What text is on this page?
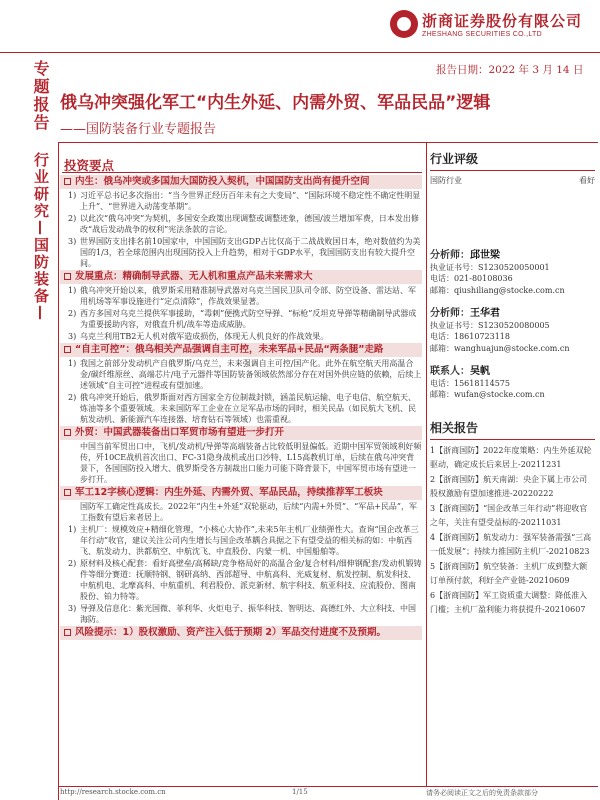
浙商证券股份有限公司
ZHESHANG SECURITIES CO.,LTD
专题报告
行业研究—国防装备—
报告日期：2022 年 3 月 14 日
俄乌冲突强化军工“内生外延、内需外贸、军品民品”逻辑
——国防装备行业专题报告
投资要点
内生：俄乌冲突或多国加大国防投入契机，中国国防支出尚有提升空间
1) 习近平总书记多次指出：“当今世界正经历百年未有之大变局”、“国际环境不稳定性不确定性明显上升”、“世界进入动荡变革期”。
2) 以此次“俄乌冲突”为契机，多国安全政策出现调整或调整迹象，德国/波兰增加军费，日本发出修改“战后发动战争的权利”宪法条款的言论。
3) 世界国防支出排名前10国家中，中国国防支出GDP占比仅高于二战战败国日本，绝对数值约为美国的1/3，若全球范围内出现国防投入上升趋势，相对于GDP水平，我国国防支出有较大提升空间。
发展重点：精确制导武器、无人机和重点产品未来需求大
1) 俄乌冲突开始以来，俄罗斯采用精准制导武器对乌克兰国民卫队司令部、防空设备、雷达站、军用机场等军事设施进行“定点清除”，作战效果显著。
2) 西方多国对乌克兰提供军事援助，“毒刺”便携式防空导弹、“标枪”反坦克导弹等精确制导武器成为重要援助内容，对俄直升机/战车等造成威胁。
3) 乌克兰利用TB2无人机对俄军造成损伤，体现无人机良好的作战效果。
“自主可控”：俄乌相关产品强调自主可控，未来军品+民品“两条腿”走路
1) 我国之前部分发动机产自俄罗斯/乌克兰，未来强调自主可控/国产化。此外在航空航天用高温合金/碳纤维原丝、高端芯片/电子元器件等国防装备领域依然部分存在对国外供应链的依赖，后续上述领域“自主可控”进程或有望加速。
2) 俄乌冲突开始后，俄罗斯面对西方国家全方位制裁封锁，涵盖民航运输、电子电信、航空航天、炼油等多个重要领域。未来国防军工企业在立足军品市场的同时，相关民品（如民航大飞机、民航发动机、新能源汽车连接器、培育钻石等领域）也需重视。
外贸：中国武器装备出口军贸市场有望进一步打开
中国当前军贸出口中，飞机/发动机/导弹等高端装备占比较低明显偏低。近期中国军贸领域利好频传，歼10CE战机首次出口、FC-31隐身战机或出口沙特、L15高教机订单，后续在俄乌冲突背景下，各国国防投入增大、俄罗斯受各方制裁出口能力可能下降背景下，中国军贸市场有望进一步打开。
军工12字核心逻辑：内生外延、内需外贸、军品民品，持续推荐军工板块
国防军工确定性高成长。2022年“内生+外延”双轮驱动，后续“内需+外贸”、“军品+民品”，军工指数有望后来者居上。
1) 主机厂：规模效应+精细化管理，“小核心大协作”,未来5年主机厂业绩弹性大。查询“国企改革三年行动”收官，建议关注公司内生增长与国企改革耦合具据之下有望受益的相关标的如：中航西飞、航发动力、洪都航空、中航沈飞、中直股份、内蒙一机、中国船舶等。
2) 原材料及核心配套：看好高壁垒/高稀缺/竞争格局好的高温合金/复合材料/细伸钢配套/发动机锻铸件等细分赛道：抚顺特钢、钢研高纳、西部超导、中航高科、光威复材、航发控制、航发科技、中航机电、北摩高科、中航重机、利君股份、派克新材、航宇科技、航亚科技、应流股份、图南股份、铂力特等。
3) 导弹及信息化：紫光国微、菲利华、火炬电子、振华科技、智明达、高德红外、大立科技、中国海防。
风险提示：1）股权激励、资产注入低于预期 2）军品交付进度不及预期。
行业评级
国防行业	看好
分析师：邱世梁
执业证书号：S1230520050001
电话：021-80108036
邮箱：qiushiliang@stocke.com.cn
分析师：王华君
执业证书号：S1230520080005
电话：18610723118
邮箱：wanghuajun@stocke.com.cn
联系人：吴帆
电话：15618114575
邮箱：wufan@stocke.com.cn
相关报告
1【浙商国防】2022年度策略：内生外延双轮驱动，确定成长后来居上-20211231
2【浙商国防】航天南湖：央企下属上市公司股权激励有望加速推进-20220222
3【浙商国防】“国企改革三年行动”将迎收官之年，关注有望受益标的-20211031
4【浙商国防】航发动力：强军装备需强“三高一低发展”；持续力推国防主机厂-20210823
5【浙商国防】航空装备：主机厂成到整大额订单预付款，利好全产业链-20210609
6【浙商国防】军工资质重大调整：降低准入门槛；主机厂盈利能力将获提升-20210607
http://research.stocke.com.cn	1/15	请务必阅读正文之后的免责条款部分
